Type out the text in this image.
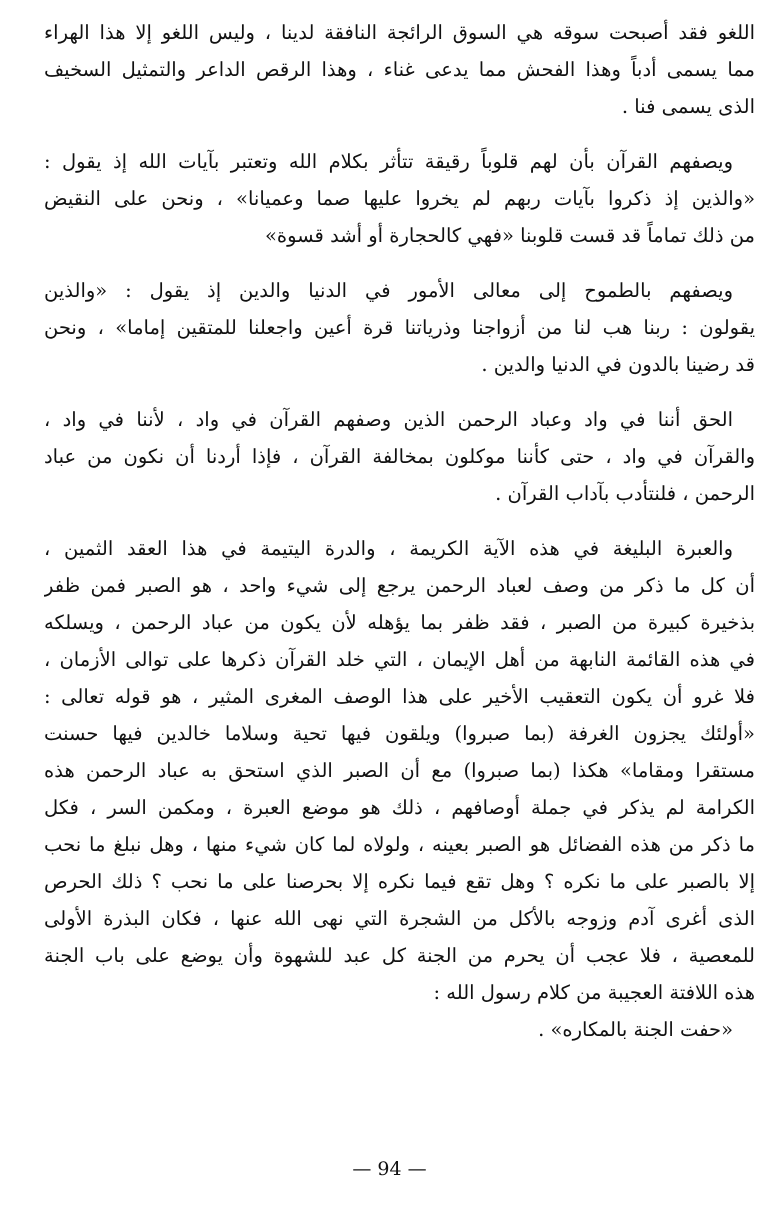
اللغو فقد أصبحت سوقه هي السوق الرائجة النافقة لدينا ، وليس اللغو إلا هذا الهراء
مما يسمى أدباً وهذا الفحش مما يدعى غناء ، وهذا الرقص الداعر والتمثيل السخيف
الذى يسمى فنا .

ويصفهم القرآن بأن لهم قلوباً رقيقة تتأثر بكلام الله وتعتبر بآيات الله إذ يقول :
«والذين إذ ذكروا بآيات ربهم لم يخروا عليها صما وعميانا» ، ونحن على النقيض
من ذلك تماماً قد قست قلوبنا «فهي كالحجارة أو أشد قسوة»

ويصفهم بالطموح إلى معالى الأمور في الدنيا والدين إذ يقول : «والذين
يقولون : ربنا هب لنا من أزواجنا وذرياتنا قرة أعين واجعلنا للمتقين إماما» ، ونحن
قد رضينا بالدون في الدنيا والدين .

الحق أننا في واد وعباد الرحمن الذين وصفهم القرآن في واد ، لأننا في واد ،
والقرآن في واد ، حتى كأننا موكلون بمخالفة القرآن ، فإذا أردنا أن نكون من عباد
الرحمن ، فلنتأدب بآداب القرآن .

والعبرة البليغة في هذه الآية الكريمة ، والدرة اليتيمة في هذا العقد الثمين ،
أن كل ما ذكر من وصف لعباد الرحمن يرجع إلى شيء واحد ، هو الصبر فمن ظفر
بذخيرة كبيرة من الصبر ، فقد ظفر بما يؤهله لأن يكون من عباد الرحمن ، ويسلكه
في هذه القائمة النابهة من أهل الإيمان ، التي خلد القرآن ذكرها على توالى الأزمان ،
فلا غرو أن يكون التعقيب الأخير على هذا الوصف المغرى المثير ، هو قوله تعالى :
«أولئك يجزون الغرفة (بما صبروا) ويلقون فيها تحية وسلاما خالدين فيها حسنت
مستقرا ومقاما» هكذا (بما صبروا) مع أن الصبر الذي استحق به عباد الرحمن هذه
الكرامة لم يذكر في جملة أوصافهم ، ذلك هو موضع العبرة ، ومكمن السر ، فكل
ما ذكر من هذه الفضائل هو الصبر بعينه ، ولولاه لما كان شيء منها ، وهل نبلغ ما نحب
إلا بالصبر على ما نكره ؟ وهل تقع فيما نكره إلا بحرصنا على ما نحب ؟ ذلك الحرص
الذى أغرى آدم وزوجه بالأكل من الشجرة التي نهى الله عنها ، فكان البذرة الأولى
للمعصية ، فلا عجب أن يحرم من الجنة كل عبد للشهوة وأن يوضع على باب الجنة
هذه اللافتة العجيبة من كلام رسول الله :

«حفت الجنة بالمكاره» .

— 94 —
